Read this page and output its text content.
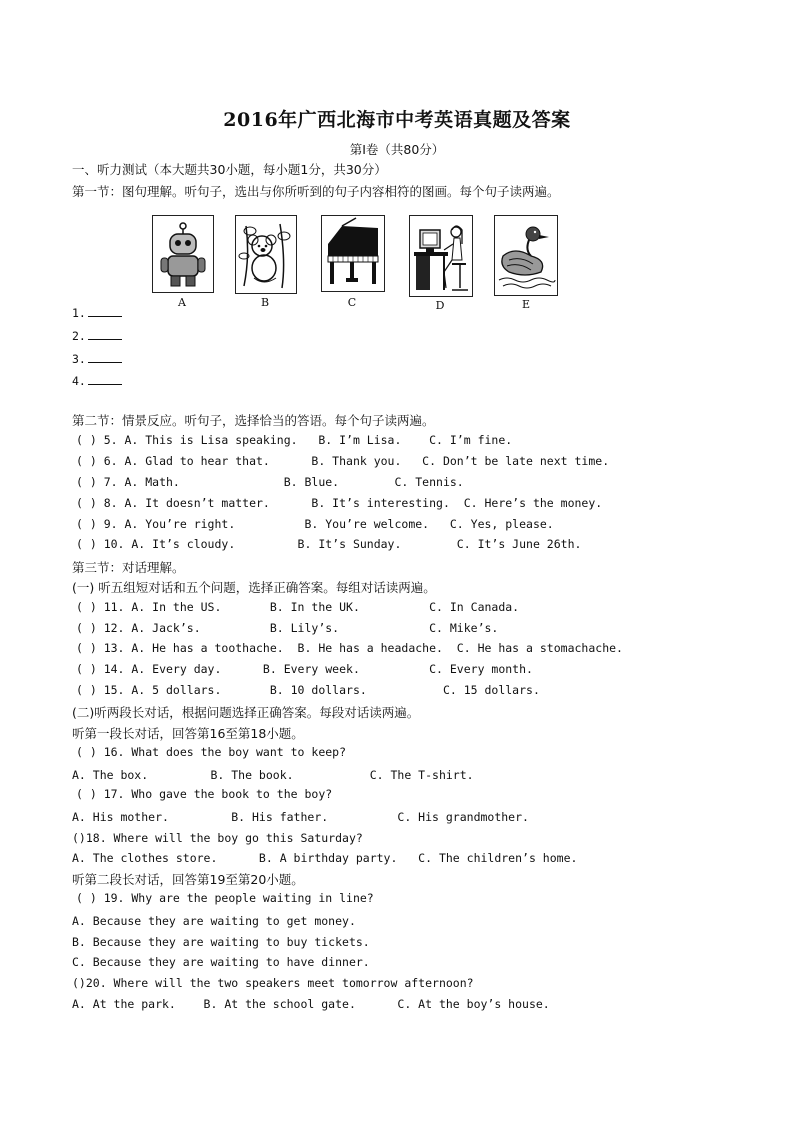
2016年广西北海市中考英语真题及答案
第Ⅰ卷（共80分）
一、听力测试（本大题共30小题，每小题1分，共30分）
第一节：图句理解。听句子，选出与你所听到的句子内容相符的图画。每个句子读两遍。
A	B	C	D	E
1.
2.
3.
4.
第二节：情景反应。听句子，选择恰当的答语。每个句子读两遍。
( ) 5. A. This is Lisa speaking.   B. I’m Lisa.    C. I’m fine.
( ) 6. A. Glad to hear that.      B. Thank you.   C. Don’t be late next time.
( ) 7. A. Math.               B. Blue.        C. Tennis.
( ) 8. A. It doesn’t matter.      B. It’s interesting.  C. Here’s the money.
( ) 9. A. You’re right.          B. You’re welcome.   C. Yes, please.
( ) 10. A. It’s cloudy.         B. It’s Sunday.        C. It’s June 26th.
第三节：对话理解。
(一) 听五组短对话和五个问题，选择正确答案。每组对话读两遍。
( ) 11. A. In the US.       B. In the UK.          C. In Canada.
( ) 12. A. Jack’s.          B. Lily’s.             C. Mike’s.
( ) 13. A. He has a toothache.  B. He has a headache.  C. He has a stomachache.
( ) 14. A. Every day.      B. Every week.          C. Every month.
( ) 15. A. 5 dollars.       B. 10 dollars.           C. 15 dollars.
(二)听两段长对话，根据问题选择正确答案。每段对话读两遍。
听第一段长对话，回答第16至第18小题。
( ) 16. What does the boy want to keep?
A. The box.         B. The book.           C. The T-shirt.
( ) 17. Who gave the book to the boy?
A. His mother.         B. His father.          C. His grandmother.
()18. Where will the boy go this Saturday?
A. The clothes store.      B. A birthday party.   C. The children’s home.
听第二段长对话，回答第19至第20小题。
( ) 19. Why are the people waiting in line?
A. Because they are waiting to get money.
B. Because they are waiting to buy tickets.
C. Because they are waiting to have dinner.
()20. Where will the two speakers meet tomorrow afternoon?
A. At the park.    B. At the school gate.      C. At the boy’s house.
